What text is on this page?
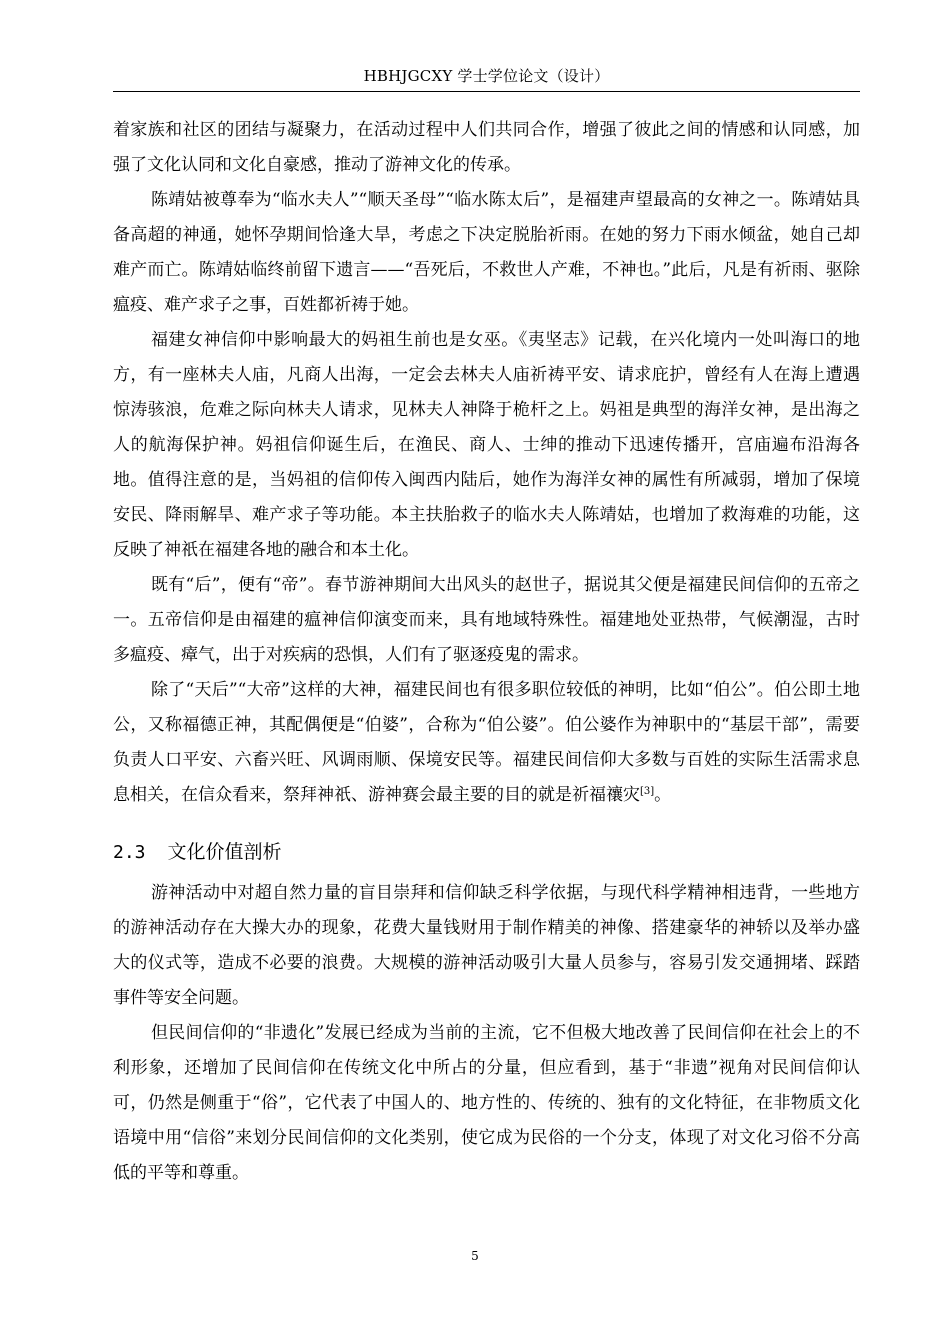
HBHJGCXY 学士学位论文（设计）

着家族和社区的团结与凝聚力，在活动过程中人们共同合作，增强了彼此之间的情感和认同感，加强了文化认同和文化自豪感，推动了游神文化的传承。

陈靖姑被尊奉为“临水夫人”“顺天圣母”“临水陈太后”，是福建声望最高的女神之一。陈靖姑具备高超的神通，她怀孕期间恰逢大旱，考虑之下决定脱胎祈雨。在她的努力下雨水倾盆，她自己却难产而亡。陈靖姑临终前留下遗言——“吾死后，不救世人产难，不神也。”此后，凡是有祈雨、驱除瘟疫、难产求子之事，百姓都祈祷于她。

福建女神信仰中影响最大的妈祖生前也是女巫。《夷坚志》记载，在兴化境内一处叫海口的地方，有一座林夫人庙，凡商人出海，一定会去林夫人庙祈祷平安、请求庇护，曾经有人在海上遭遇惊涛骇浪，危难之际向林夫人请求，见林夫人神降于桅杆之上。妈祖是典型的海洋女神，是出海之人的航海保护神。妈祖信仰诞生后，在渔民、商人、士绅的推动下迅速传播开，宫庙遍布沿海各地。值得注意的是，当妈祖的信仰传入闽西内陆后，她作为海洋女神的属性有所减弱，增加了保境安民、降雨解旱、难产求子等功能。本主扶胎救子的临水夫人陈靖姑，也增加了救海难的功能，这反映了神祇在福建各地的融合和本土化。

既有“后”，便有“帝”。春节游神期间大出风头的赵世子，据说其父便是福建民间信仰的五帝之一。五帝信仰是由福建的瘟神信仰演变而来，具有地域特殊性。福建地处亚热带，气候潮湿，古时多瘟疫、瘴气，出于对疾病的恐惧，人们有了驱逐疫鬼的需求。

除了“天后”“大帝”这样的大神，福建民间也有很多职位较低的神明，比如“伯公”。伯公即土地公，又称福德正神，其配偶便是“伯婆”，合称为“伯公婆”。伯公婆作为神职中的“基层干部”，需要负责人口平安、六畜兴旺、风调雨顺、保境安民等。福建民间信仰大多数与百姓的实际生活需求息息相关，在信众看来，祭拜神祇、游神赛会最主要的目的就是祈福禳灾[3]。

2.3 文化价值剖析

游神活动中对超自然力量的盲目崇拜和信仰缺乏科学依据，与现代科学精神相违背，一些地方的游神活动存在大操大办的现象，花费大量钱财用于制作精美的神像、搭建豪华的神轿以及举办盛大的仪式等，造成不必要的浪费。大规模的游神活动吸引大量人员参与，容易引发交通拥堵、踩踏事件等安全问题。

但民间信仰的“非遗化”发展已经成为当前的主流，它不但极大地改善了民间信仰在社会上的不利形象，还增加了民间信仰在传统文化中所占的分量，但应看到，基于“非遗”视角对民间信仰认可，仍然是侧重于“俗”，它代表了中国人的、地方性的、传统的、独有的文化特征，在非物质文化语境中用“信俗”来划分民间信仰的文化类别，使它成为民俗的一个分支，体现了对文化习俗不分高低的平等和尊重。

5
